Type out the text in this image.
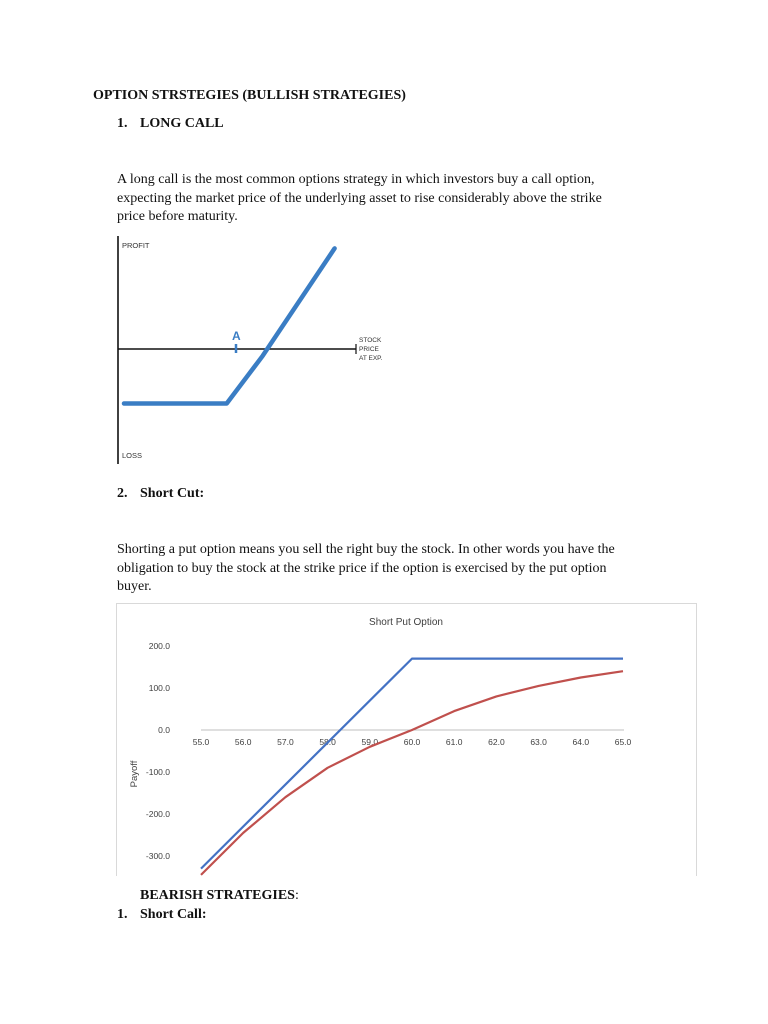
OPTION STRSTEGIES (BULLISH STRATEGIES)
1. LONG CALL
A long call is the most common options strategy in which investors buy a call option,
expecting the market price of the underlying asset to rise considerably above the strike
price before maturity.
PROFIT
LOSS
STOCK
PRICE
AT EXP.
A
2. Short Cut:
Shorting a put option means you sell the right buy the stock. In other words you have the
obligation to buy the stock at the strike price if the option is exercised by the put option
buyer.
Short Put Option
Payoff
200.0
100.0
0.0
-100.0
-200.0
-300.0
55.0	56.0	57.0	58.0	59.0	60.0	61.0	62.0	63.0	64.0	65.0
BEARISH STRATEGIES:
1. Short Call:
